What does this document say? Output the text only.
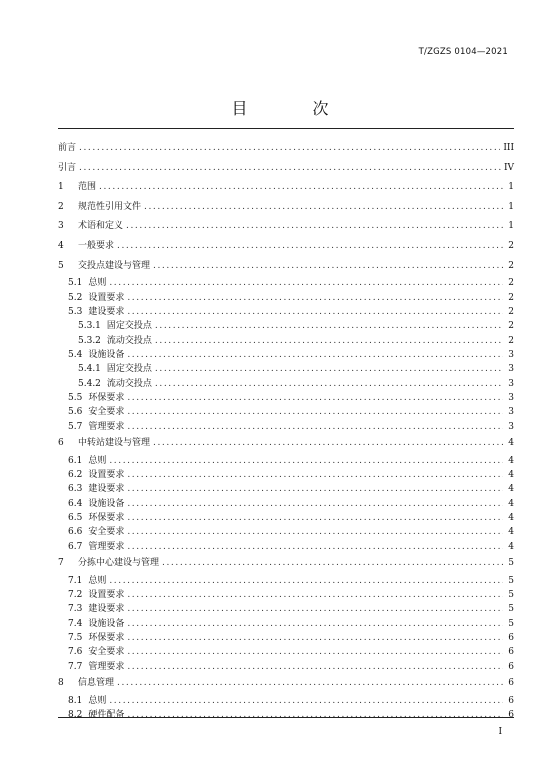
T/ZGZS 0104—2021
目 次
前言 .....	III
引言 .....	IV
1	范围 .....	1
2	规范性引用文件 .....	1
3	术语和定义 .....	1
4	一般要求 .....	2
5	交投点建设与管理 .....	2
5.1 总则 .....	2
5.2 设置要求 .....	2
5.3 建设要求 .....	2
5.3.1 固定交投点 .....	2
5.3.2 流动交投点 .....	2
5.4 设施设备 .....	3
5.4.1 固定交投点 .....	3
5.4.2 流动交投点 .....	3
5.5 环保要求 .....	3
5.6 安全要求 .....	3
5.7 管理要求 .....	3
6	中转站建设与管理 .....	4
6.1 总则 .....	4
6.2 设置要求 .....	4
6.3 建设要求 .....	4
6.4 设施设备 .....	4
6.5 环保要求 .....	4
6.6 安全要求 .....	4
6.7 管理要求 .....	4
7	分拣中心建设与管理 .....	5
7.1 总则 .....	5
7.2 设置要求 .....	5
7.3 建设要求 .....	5
7.4 设施设备 .....	5
7.5 环保要求 .....	6
7.6 安全要求 .....	6
7.7 管理要求 .....	6
8	信息管理 .....	6
8.1 总则 .....	6
8.2 硬件配备 .....	6
I
